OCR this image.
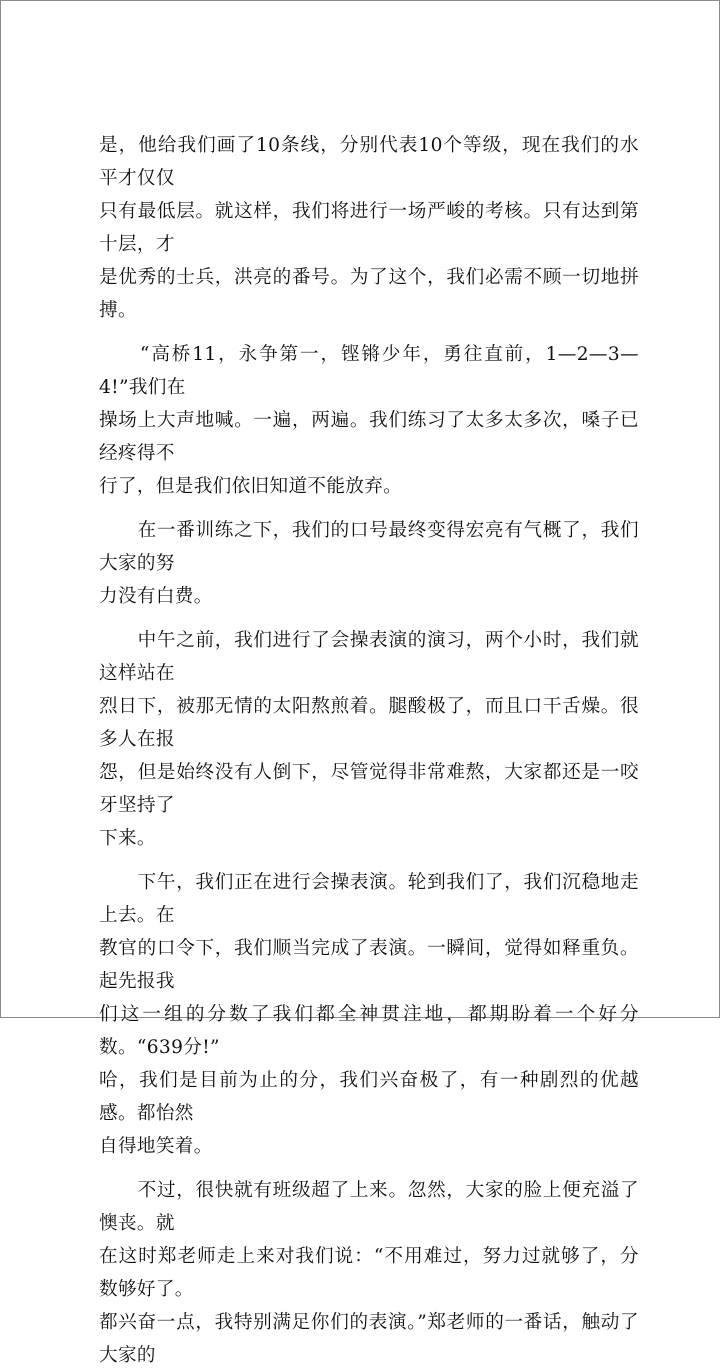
是，他给我们画了10条线，分别代表10个等级，现在我们的水平才仅仅
只有最低层。就这样，我们将进行一场严峻的考核。只有达到第十层，才
是优秀的士兵，洪亮的番号。为了这个，我们必需不顾一切地拼搏。

　　“高桥11，永争第一，铿锵少年，勇往直前，1—2—3—4!”我们在
操场上大声地喊。一遍，两遍。我们练习了太多太多次，嗓子已经疼得不
行了，但是我们依旧知道不能放弃。

　　在一番训练之下，我们的口号最终变得宏亮有气概了，我们大家的努
力没有白费。

　　中午之前，我们进行了会操表演的演习，两个小时，我们就这样站在
烈日下，被那无情的太阳熬煎着。腿酸极了，而且口干舌燥。很多人在报
怨，但是始终没有人倒下，尽管觉得非常难熬，大家都还是一咬牙坚持了
下来。

　　下午，我们正在进行会操表演。轮到我们了，我们沉稳地走上去。在
教官的口令下，我们顺当完成了表演。一瞬间，觉得如释重负。起先报我
们这一组的分数了我们都全神贯注地，都期盼着一个好分数。“639分!”
哈，我们是目前为止的分，我们兴奋极了，有一种剧烈的优越感。都怡然
自得地笑着。

　　不过，很快就有班级超了上来。忽然，大家的脸上便充溢了懊丧。就
在这时郑老师走上来对我们说：“不用难过，努力过就够了，分数够好了。
都兴奋一点，我特别满足你们的表演。”郑老师的一番话，触动了大家的
